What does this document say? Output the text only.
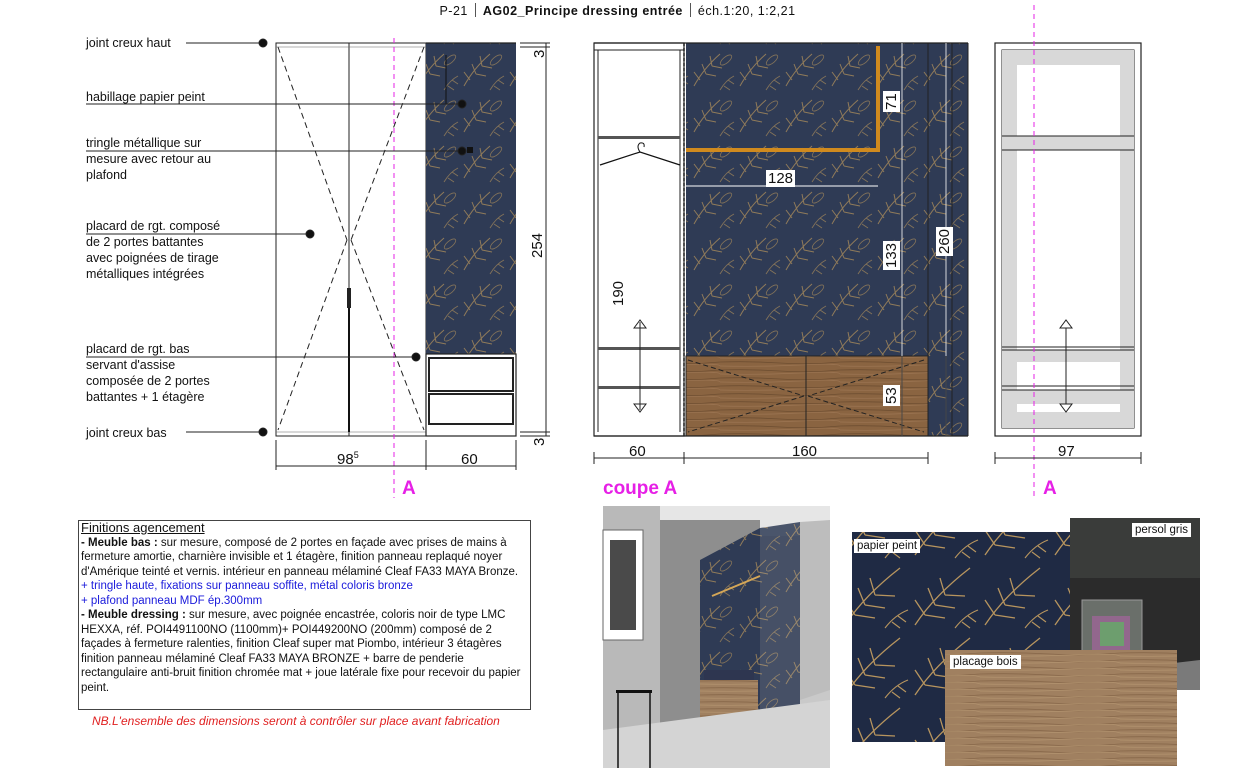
P-21 AG02_Principe dressing entrée éch.1:20, 1:2,21
joint creux haut
habillage papier peint
tringle métallique sur
mesure avec retour au
plafond
placard de rgt. composé
de 2 portes battantes
avec poignées de tirage
métalliques intégrées
placard de rgt. bas
servant d'assise
composée de 2 portes
battantes + 1 étagère
joint creux bas
$98^5$	60
3
254
3
71
128
133
260
190
53
60	160	97
A	A
coupe A

Finitions agencement

- Meuble bas : sur mesure, composé de 2 portes en façade avec prises de mains à fermeture amortie, charnière invisible et 1 étagère, finition panneau replaqué noyer d'Amérique teinté et vernis. intérieur en panneau mélaminé Cleaf FA33 MAYA Bronze.

+ tringle haute, fixations sur panneau soffite, métal coloris bronze

+ plafond panneau MDF ép.300mm

- Meuble dressing : sur mesure, avec poignée encastrée, coloris noir de type LMC HEXXA, réf. POI4491100NO (1100mm)+ POI449200NO (200mm) composé de 2 façades à fermeture ralenties, finition Cleaf super mat Piombo, intérieur 3 étagères finition panneau mélaminé Cleaf FA33 MAYA BRONZE + barre de penderie rectangulaire anti-bruit finition chromée mat + joue latérale fixe pour recevoir du papier peint.

NB.L'ensemble des dimensions seront à contrôler sur place avant fabrication
papier peint
persol gris
placage bois
